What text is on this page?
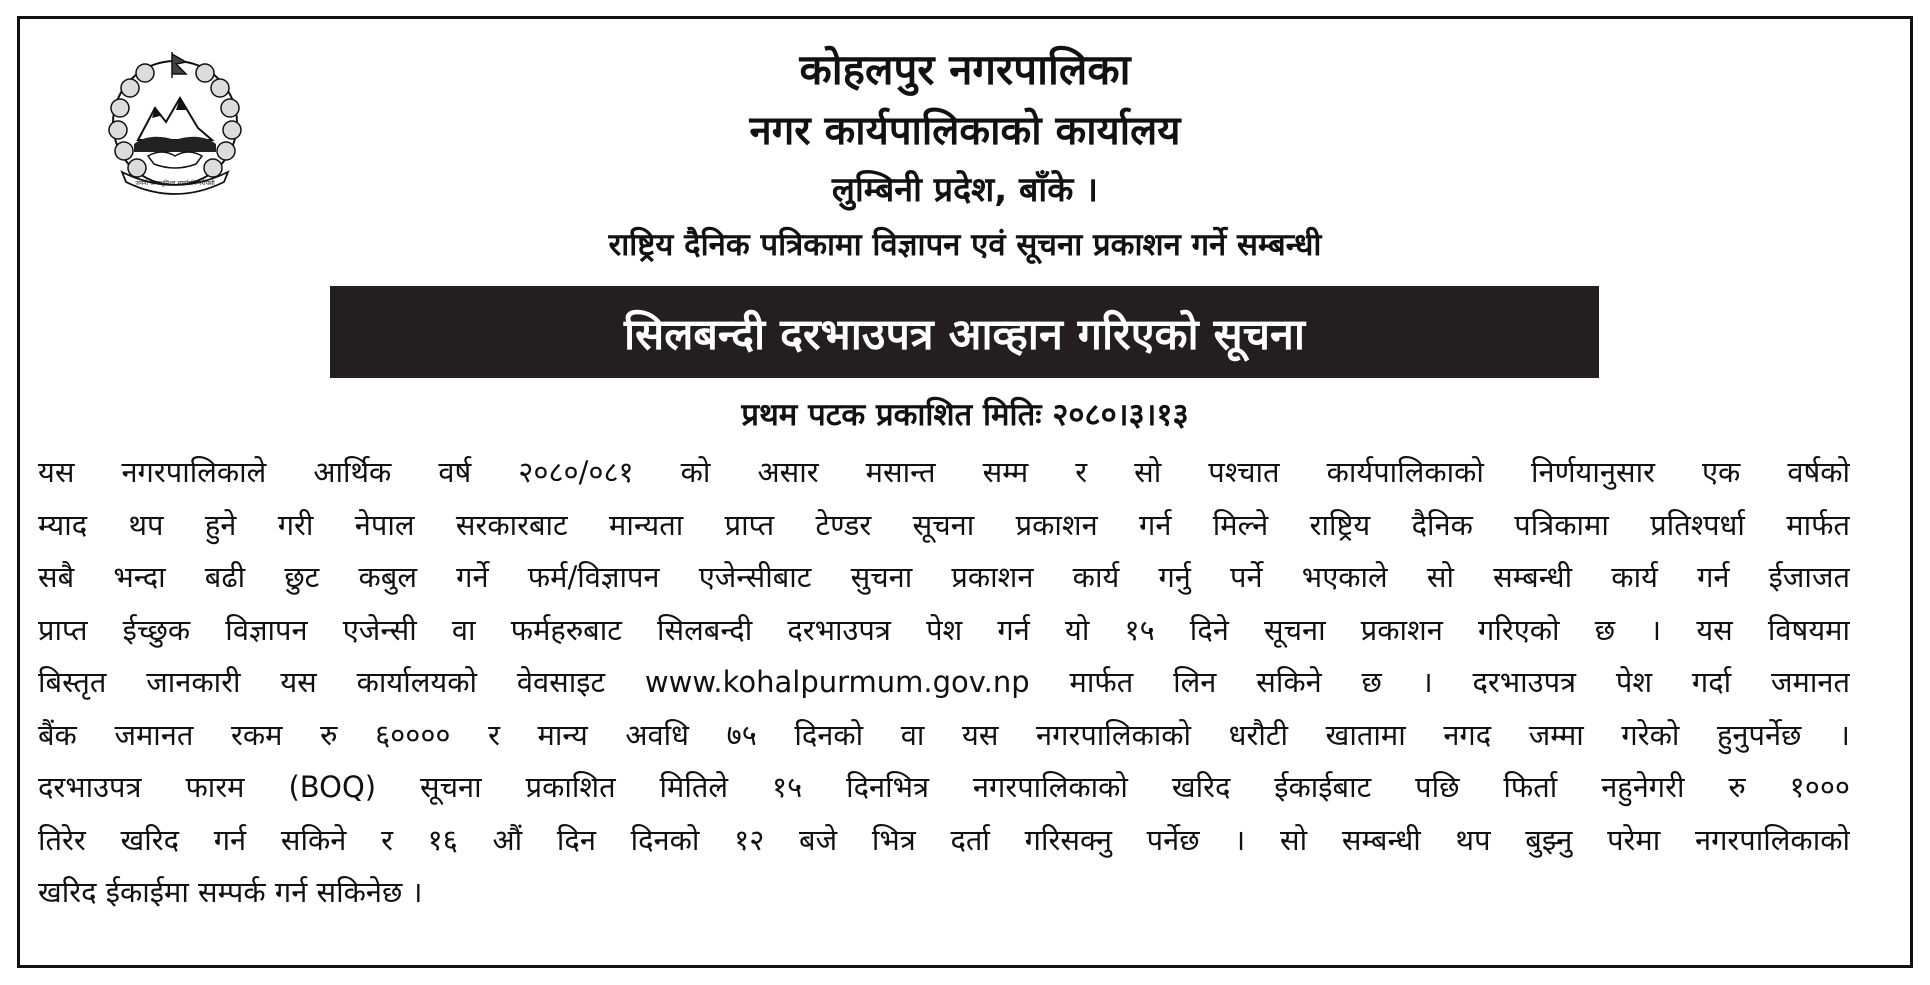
जननी जन्मभूमिश्च स्वर्गादपि गरीयसी
कोहलपुर नगरपालिका
नगर कार्यपालिकाको कार्यालय
लुम्बिनी प्रदेश, बाँके ।
राष्ट्रिय दैनिक पत्रिकामा विज्ञापन एवं सूचना प्रकाशन गर्ने सम्बन्धी
सिलबन्दी दरभाउपत्र आव्हान गरिएको सूचना
प्रथम पटक प्रकाशित मितिः २०८०।३।१३
यस नगरपालिकाले आर्थिक वर्ष २०८०/०८१ को असार मसान्त सम्म र सो पश्चात कार्यपालिकाको निर्णयानुसार एक वर्षको
म्याद थप हुने गरी नेपाल सरकारबाट मान्यता प्राप्त टेण्डर सूचना प्रकाशन गर्न मिल्ने राष्ट्रिय दैनिक पत्रिकामा प्रतिश्पर्धा मार्फत
सबै भन्दा बढी छुट कबुल गर्ने फर्म/विज्ञापन एजेन्सीबाट सुचना प्रकाशन कार्य गर्नु पर्ने भएकाले सो सम्बन्धी कार्य गर्न ईजाजत
प्राप्त ईच्छुक विज्ञापन एजेन्सी वा फर्महरुबाट सिलबन्दी दरभाउपत्र पेश गर्न यो १५ दिने सूचना प्रकाशन गरिएको छ । यस विषयमा
बिस्तृत जानकारी यस कार्यालयको वेवसाइट www.kohalpurmum.gov.np मार्फत लिन सकिने छ । दरभाउपत्र पेश गर्दा जमानत
बैंक जमानत रकम रु ६०००० र मान्य अवधि ७५ दिनको वा यस नगरपालिकाको धरौटी खातामा नगद जम्मा गरेको हुनुपर्नेछ ।
दरभाउपत्र फारम (BOQ) सूचना प्रकाशित मितिले १५ दिनभित्र नगरपालिकाको खरिद ईकाईबाट पछि फिर्ता नहुनेगरी रु १०००
तिरेर खरिद गर्न सकिने र १६ औं दिन दिनको १२ बजे भित्र दर्ता गरिसक्नु पर्नेछ । सो सम्बन्धी थप बुझ्नु परेमा नगरपालिकाको
खरिद ईकाईमा सम्पर्क गर्न सकिनेछ ।
